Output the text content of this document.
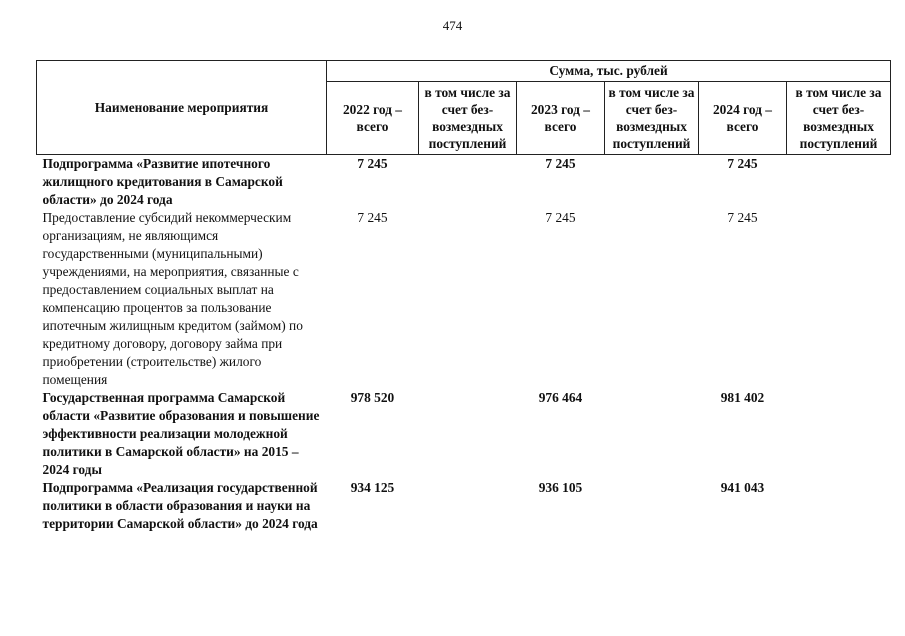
474
Наименование мероприятия	Сумма, тыс. рублей					
	2022 год – всего	в том числе за счет без-возмездных поступлений	2023 год – всего	в том числе за счет без-возмездных поступлений	2024 год – всего	в том числе за счет без-возмездных поступлений
Подпрограмма «Развитие ипотечного жилищного кредитования в Самарской области» до 2024 года	7 245		7 245		7 245	
Предоставление субсидий некоммерческим организациям, не являющимся государственными (муниципальными) учреждениями, на мероприятия, связанные с предоставлением социальных выплат на компенсацию процентов за пользование ипотечным жилищным кредитом (займом) по кредитному договору, договору займа при приобретении (строительстве) жилого помещения	7 245		7 245		7 245	
Государственная программа Самарской области «Развитие образования и повышение эффективности реализации молодежной политики в Самарской области» на 2015 – 2024 годы	978 520		976 464		981 402	
Подпрограмма «Реализация государственной политики в области образования и науки на территории Самарской области» до 2024 года	934 125		936 105		941 043	
